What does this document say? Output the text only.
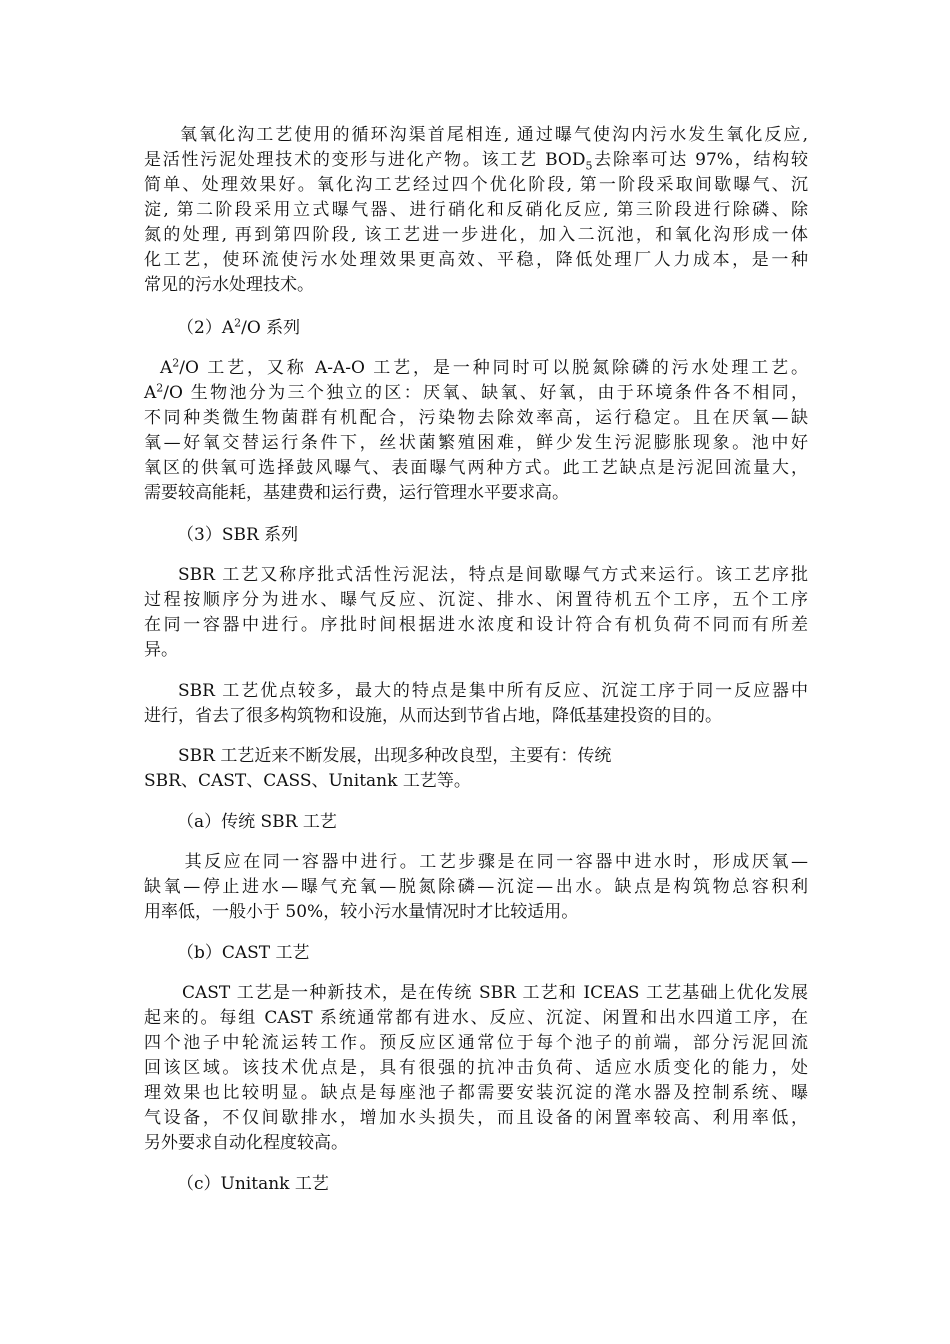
氧氧化沟工艺使用的循环沟渠首尾相连, 通过曝气使沟内污水发生氧化反应,
是活性污泥处理技术的变形与进化产物。该工艺 $BOD_5$去除率可达 97%，结构较
简单、处理效果好。氧化沟工艺经过四个优化阶段, 第一阶段采取间歇曝气、沉
淀, 第二阶段采用立式曝气器、进行硝化和反硝化反应, 第三阶段进行除磷、除
氮的处理, 再到第四阶段, 该工艺进一步进化，加入二沉池，和氧化沟形成一体
化工艺，使环流使污水处理效果更高效、平稳，降低处理厂人力成本，是一种
常见的污水处理技术。
$(2)A^2/O$ 系列
$A^2/O$ 工艺，又称 A-A-O 工艺，是一种同时可以脱氮除磷的污水处理工艺。
$A^2/O$ 生物池分为三个独立的区：厌氧、缺氧、好氧，由于环境条件各不相同，
不同种类微生物菌群有机配合，污染物去除效率高，运行稳定。且在厌氧—缺
氧—好氧交替运行条件下，丝状菌繁殖困难，鲜少发生污泥膨胀现象。池中好
氧区的供氧可选择鼓风曝气、表面曝气两种方式。此工艺缺点是污泥回流量大，
需要较高能耗，基建费和运行费，运行管理水平要求高。
（3）SBR 系列
SBR 工艺又称序批式活性污泥法，特点是间歇曝气方式来运行。该工艺序批
过程按顺序分为进水、曝气反应、沉淀、排水、闲置待机五个工序，五个工序
在同一容器中进行。序批时间根据进水浓度和设计符合有机负荷不同而有所差
异。
SBR 工艺优点较多，最大的特点是集中所有反应、沉淀工序于同一反应器中
进行，省去了很多构筑物和设施，从而达到节省占地，降低基建投资的目的。
SBR 工艺近来不断发展，出现多种改良型，主要有：传统
SBR、CAST、CASS、Unitank 工艺等。
（a）传统 SBR 工艺
其反应在同一容器中进行。工艺步骤是在同一容器中进水时，形成厌氧—
缺氧—停止进水—曝气充氧—脱氮除磷—沉淀—出水。缺点是构筑物总容积利
用率低，一般小于 50%，较小污水量情况时才比较适用。
（b）CAST 工艺
CAST 工艺是一种新技术，是在传统 SBR 工艺和 ICEAS 工艺基础上优化发展
起来的。每组 CAST 系统通常都有进水、反应、沉淀、闲置和出水四道工序，在
四个池子中轮流运转工作。预反应区通常位于每个池子的前端，部分污泥回流
回该区域。该技术优点是，具有很强的抗冲击负荷、适应水质变化的能力，处
理效果也比较明显。缺点是每座池子都需要安装沉淀的滗水器及控制系统、曝
气设备，不仅间歇排水，增加水头损失，而且设备的闲置率较高、利用率低，
另外要求自动化程度较高。
（c）Unitank 工艺
